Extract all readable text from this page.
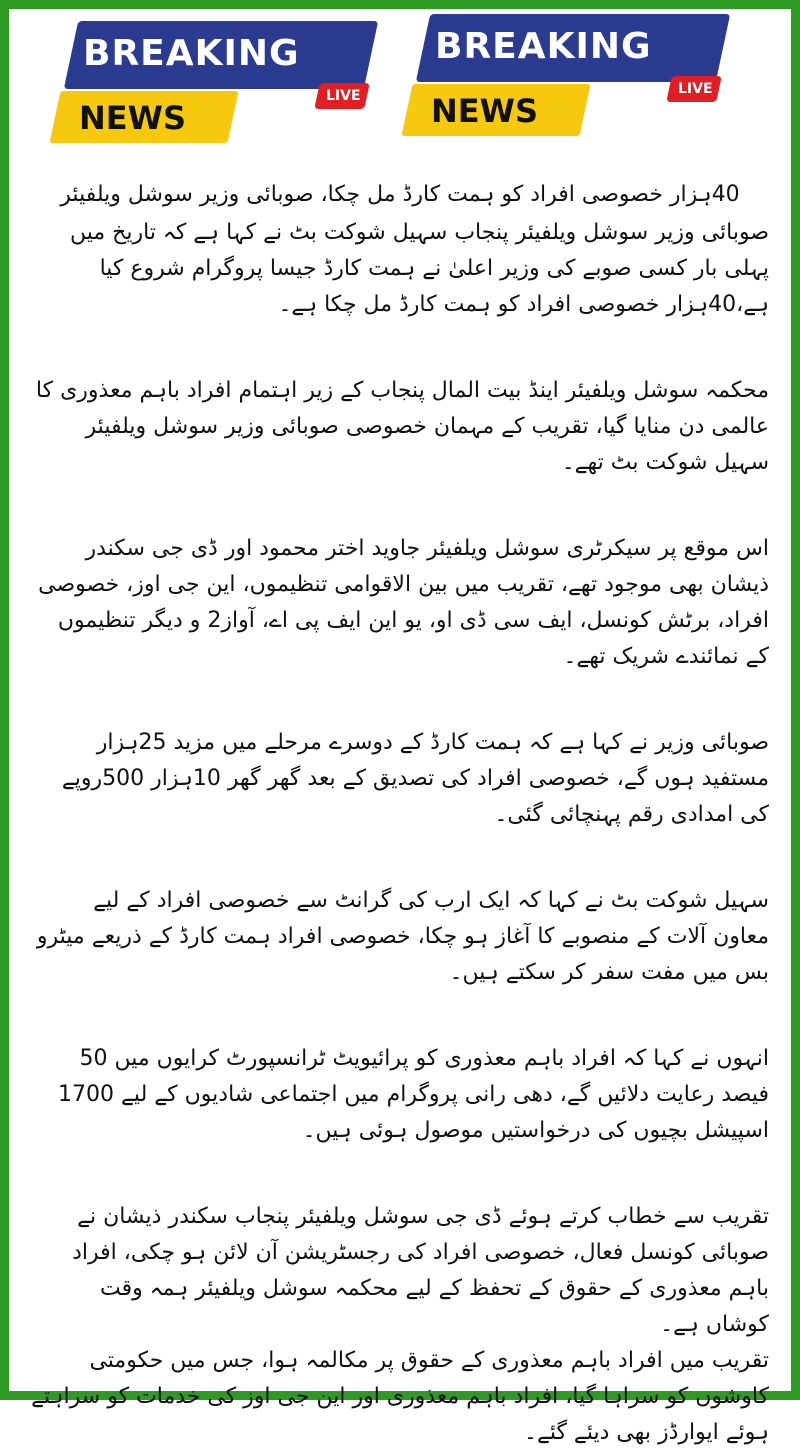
BREAKING
LIVE
NEWS
BREAKING
LIVE
NEWS

40ہزار خصوصی افراد کو ہمت کارڈ مل چکا، صوبائی وزیر سوشل ویلفیئر

صوبائی وزیر سوشل ویلفیئر پنجاب سہیل شوکت بٹ نے کہا ہے کہ تاریخ میں پہلی بار کسی صوبے کی وزیر اعلیٰ نے ہمت کارڈ جیسا پروگرام شروع کیا ہے،40ہزار خصوصی افراد کو ہمت کارڈ مل چکا ہے۔

محکمہ سوشل ویلفیئر اینڈ بیت المال پنجاب کے زیر اہتمام افراد باہم معذوری کا عالمی دن منایا گیا، تقریب کے مہمان خصوصی صوبائی وزیر سوشل ویلفیئر سہیل شوکت بٹ تھے۔

اس موقع پر سیکرٹری سوشل ویلفیئر جاوید اختر محمود اور ڈی جی سکندر ذیشان بھی موجود تھے، تقریب میں بین الاقوامی تنظیموں، این جی اوز، خصوصی افراد، برٹش کونسل، ایف سی ڈی او، یو این ایف پی اے، آواز2 و دیگر تنظیموں کے نمائندے شریک تھے۔

صوبائی وزیر نے کہا ہے کہ ہمت کارڈ کے دوسرے مرحلے میں مزید 25ہزار مستفید ہوں گے، خصوصی افراد کی تصدیق کے بعد گھر گھر 10ہزار 500روپے کی امدادی رقم پہنچائی گئی۔

سہیل شوکت بٹ نے کہا کہ ایک ارب کی گرانٹ سے خصوصی افراد کے لیے معاون آلات کے منصوبے کا آغاز ہو چکا، خصوصی افراد ہمت کارڈ کے ذریعے میٹرو بس میں مفت سفر کر سکتے ہیں۔

انہوں نے کہا کہ افراد باہم معذوری کو پرائیویٹ ٹرانسپورٹ کرایوں میں 50 فیصد رعایت دلائیں گے، دھی رانی پروگرام میں اجتماعی شادیوں کے لیے 1700 اسپیشل بچیوں کی درخواستیں موصول ہوئی ہیں۔

تقریب سے خطاب کرتے ہوئے ڈی جی سوشل ویلفیئر پنجاب سکندر ذیشان نے صوبائی کونسل فعال، خصوصی افراد کی رجسٹریشن آن لائن ہو چکی، افراد باہم معذوری کے حقوق کے تحفظ کے لیے محکمہ سوشل ویلفیئر ہمہ وقت کوشاں ہے۔

تقریب میں افراد باہم معذوری کے حقوق پر مکالمہ ہوا، جس میں حکومتی کاوشوں کو سراہا گیا، افراد باہم معذوری اور این جی اوز کی خدمات کو سراہتے ہوئے ایوارڈز بھی دیئے گئے۔
